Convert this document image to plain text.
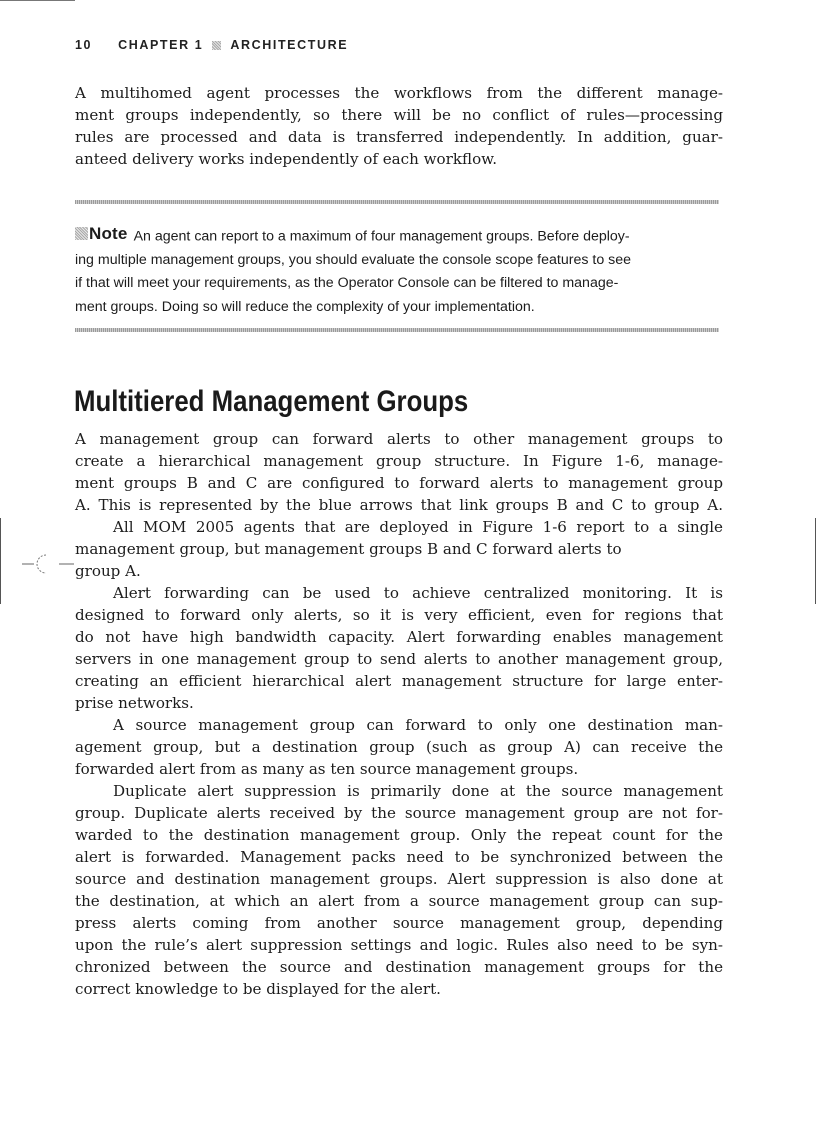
10 CHAPTER 1 ARCHITECTURE
A multihomed agent processes the workflows from the different manage-
ment groups independently, so there will be no conflict of rules—processing
rules are processed and data is transferred independently. In addition, guar-
anteed delivery works independently of each workflow.
Note An agent can report to a maximum of four management groups. Before deploy-
ing multiple management groups, you should evaluate the console scope features to see
if that will meet your requirements, as the Operator Console can be filtered to manage-
ment groups. Doing so will reduce the complexity of your implementation.
Multitiered Management Groups
A management group can forward alerts to other management groups to
create a hierarchical management group structure. In Figure 1-6, manage-
ment groups B and C are configured to forward alerts to management group
A. This is represented by the blue arrows that link groups B and C to group A.
All MOM 2005 agents that are deployed in Figure 1-6 report to a single
management group, but management groups B and C forward alerts to
group A.
Alert forwarding can be used to achieve centralized monitoring. It is
designed to forward only alerts, so it is very efficient, even for regions that
do not have high bandwidth capacity. Alert forwarding enables management
servers in one management group to send alerts to another management group,
creating an efficient hierarchical alert management structure for large enter-
prise networks.
A source management group can forward to only one destination man-
agement group, but a destination group (such as group A) can receive the
forwarded alert from as many as ten source management groups.
Duplicate alert suppression is primarily done at the source management
group. Duplicate alerts received by the source management group are not for-
warded to the destination management group. Only the repeat count for the
alert is forwarded. Management packs need to be synchronized between the
source and destination management groups. Alert suppression is also done at
the destination, at which an alert from a source management group can sup-
press alerts coming from another source management group, depending
upon the rule’s alert suppression settings and logic. Rules also need to be syn-
chronized between the source and destination management groups for the
correct knowledge to be displayed for the alert.
